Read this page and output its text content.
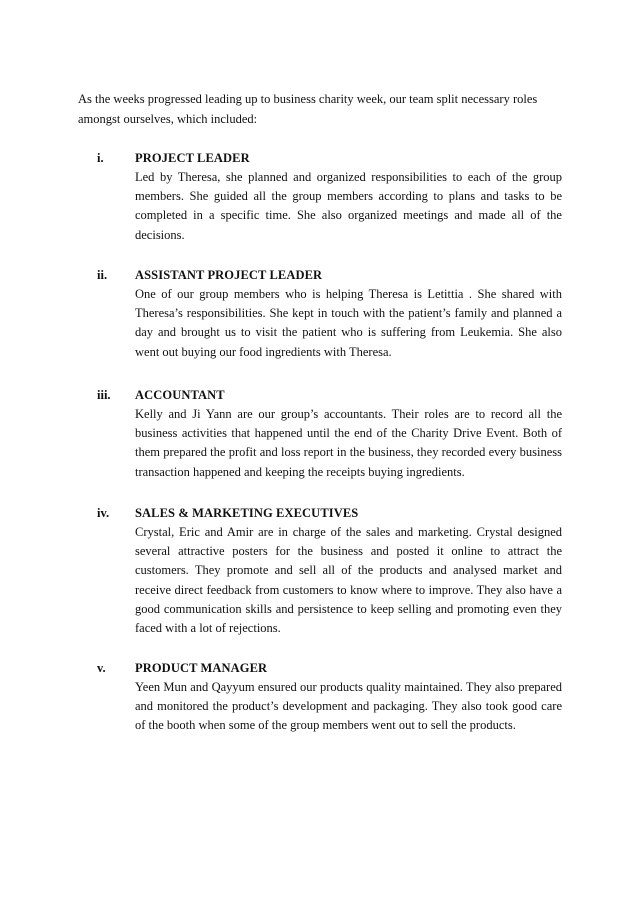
As the weeks progressed leading up to business charity week, our team split necessary roles amongst ourselves, which included:

i.	PROJECT LEADER
Led by Theresa, she planned and organized responsibilities to each of the group members. She guided all the group members according to plans and tasks to be completed in a specific time. She also organized meetings and made all of the decisions.
ii. ASSISTANT PROJECT LEADER
One of our group members who is helping Theresa is Letittia . She shared with Theresa’s responsibilities. She kept in touch with the patient’s family and planned a day and brought us to visit the patient who is suffering from Leukemia. She also went out buying our food ingredients with Theresa.
iii. ACCOUNTANT
Kelly and Ji Yann are our group’s accountants. Their roles are to record all the business activities that happened until the end of the Charity Drive Event. Both of them prepared the profit and loss report in the business, they recorded every business transaction happened and keeping the receipts buying ingredients.
iv. SALES & MARKETING EXECUTIVES
Crystal, Eric and Amir are in charge of the sales and marketing. Crystal designed several attractive posters for the business and posted it online to attract the customers. They promote and sell all of the products and analysed market and receive direct feedback from customers to know where to improve. They also have a good communication skills and persistence to keep selling and promoting even they faced with a lot of rejections.
v. PRODUCT MANAGER
Yeen Mun and Qayyum ensured our products quality maintained. They also prepared and monitored the product’s development and packaging. They also took good care of the booth when some of the group members went out to sell the products.
